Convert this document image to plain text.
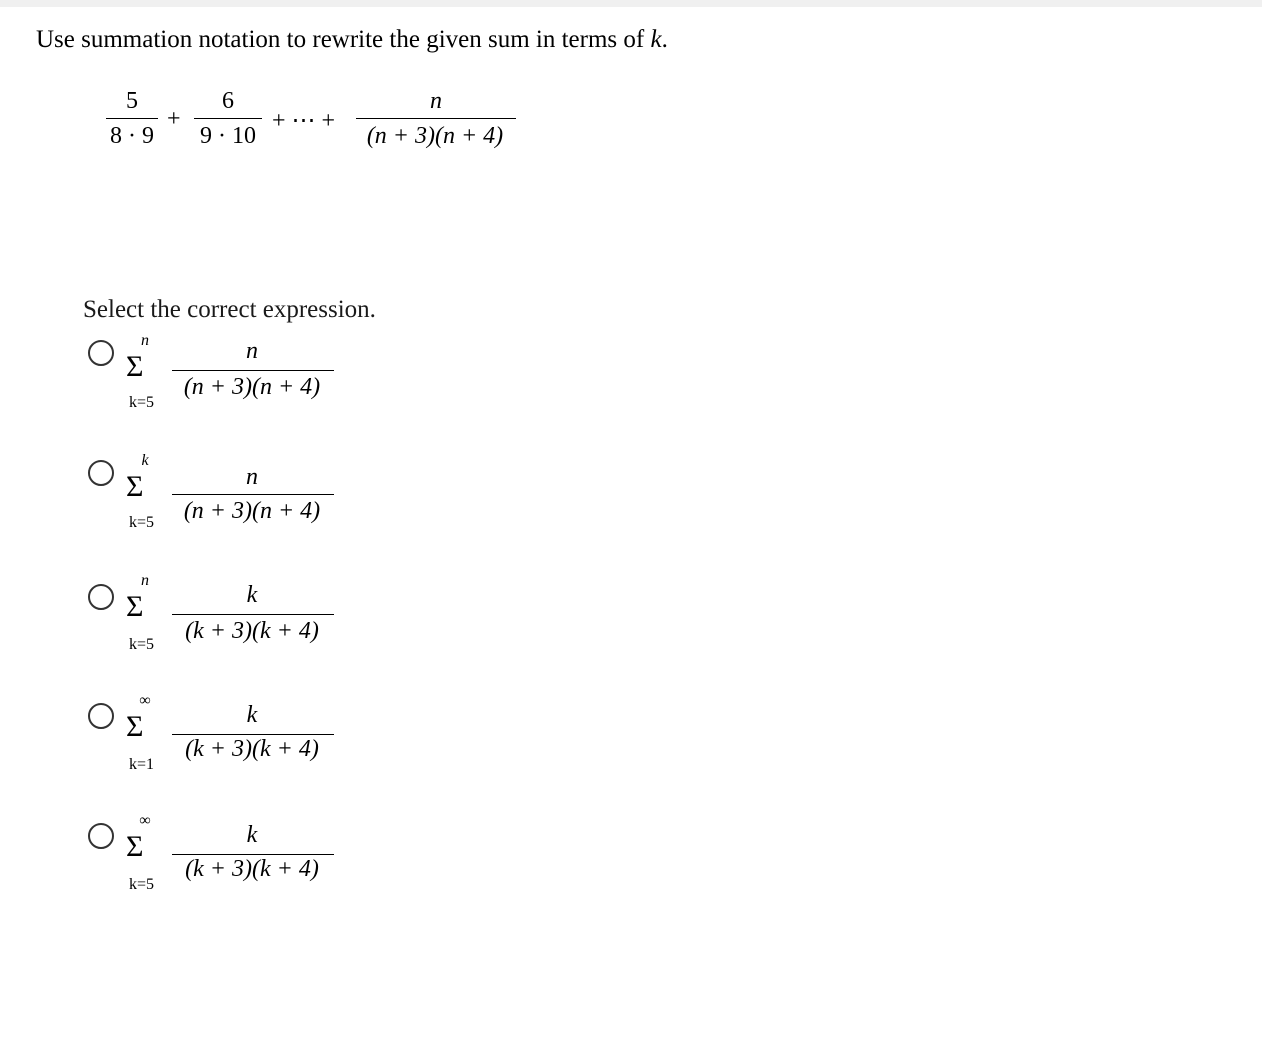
Use summation notation to rewrite the given sum in terms of k.
5
8 · 9
+
6
9 · 10
+ ⋯ +
n
(n + 3)(n + 4)
Select the correct expression.
n
Σ
k=5
n
(n + 3)(n + 4)
k
Σ
k=5
n
(n + 3)(n + 4)
n
Σ
k=5
k
(k + 3)(k + 4)
∞
Σ
k=1
k
(k + 3)(k + 4)
∞
Σ
k=5
k
(k + 3)(k + 4)
